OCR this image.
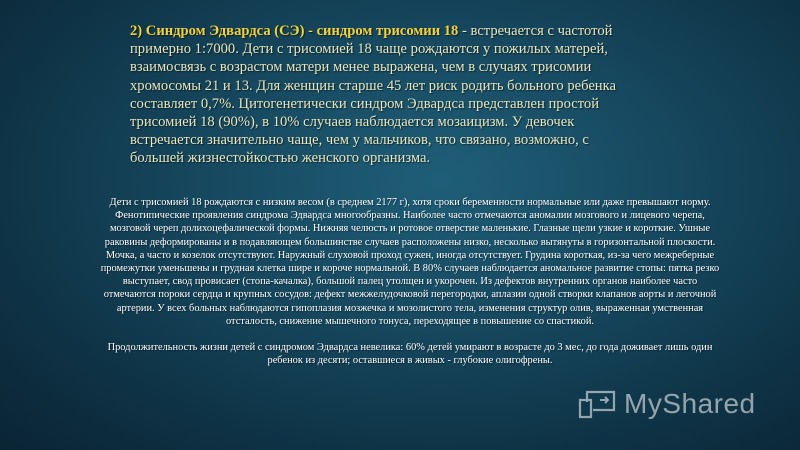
2) Синдром Эдвардса (СЭ) - синдром трисомии 18 - встречается с частотой примерно 1:7000. Дети с трисомией 18 чаще рождаются у пожилых матерей, взаимосвязь с возрастом матери менее выражена, чем в случаях трисомии хромосомы 21 и 13. Для женщин старше 45 лет риск родить больного ребенка составляет 0,7%. Цитогенетически синдром Эдвардса представлен простой трисомией 18 (90%), в 10% случаев наблюдается мозаицизм. У девочек встречается значительно чаще, чем у мальчиков, что связано, возможно, с большей жизнестойкостью женского организма.

Дети с трисомией 18 рождаются с низким весом (в среднем 2177 г), хотя сроки беременности нормальные или даже превышают норму. Фенотипические проявления синдрома Эдвардса многообразны. Наиболее часто отмечаются аномалии мозгового и лицевого черепа, мозговой череп долихоцефалической формы. Нижняя челюсть и ротовое отверстие маленькие. Глазные щели узкие и короткие. Ушные раковины деформированы и в подавляющем большинстве случаев расположены низко, несколько вытянуты в горизонтальной плоскости. Мочка, а часто и козелок отсутствуют. Наружный слуховой проход сужен, иногда отсутствует. Грудина короткая, из-за чего межреберные промежутки уменьшены и грудная клетка шире и короче нормальной. В 80% случаев наблюдается аномальное развитие стопы: пятка резко выступает, свод провисает (стопа-качалка), большой палец утолщен и укорочен. Из дефектов внутренних органов наиболее часто отмечаются пороки сердца и крупных сосудов: дефект межжелудочковой перегородки, аплазии одной створки клапанов аорты и легочной артерии. У всех больных наблюдаются гипоплазия мозжечка и мозолистого тела, изменения структур олив, выраженная умственная отсталость, снижение мышечного тонуса, переходящее в повышение со спастикой.

Продолжительность жизни детей с синдромом Эдвардса невелика: 60% детей умирают в возрасте до 3 мес, до года доживает лишь один ребенок из десяти; оставшиеся в живых - глубокие олигофрены.

MyShared
